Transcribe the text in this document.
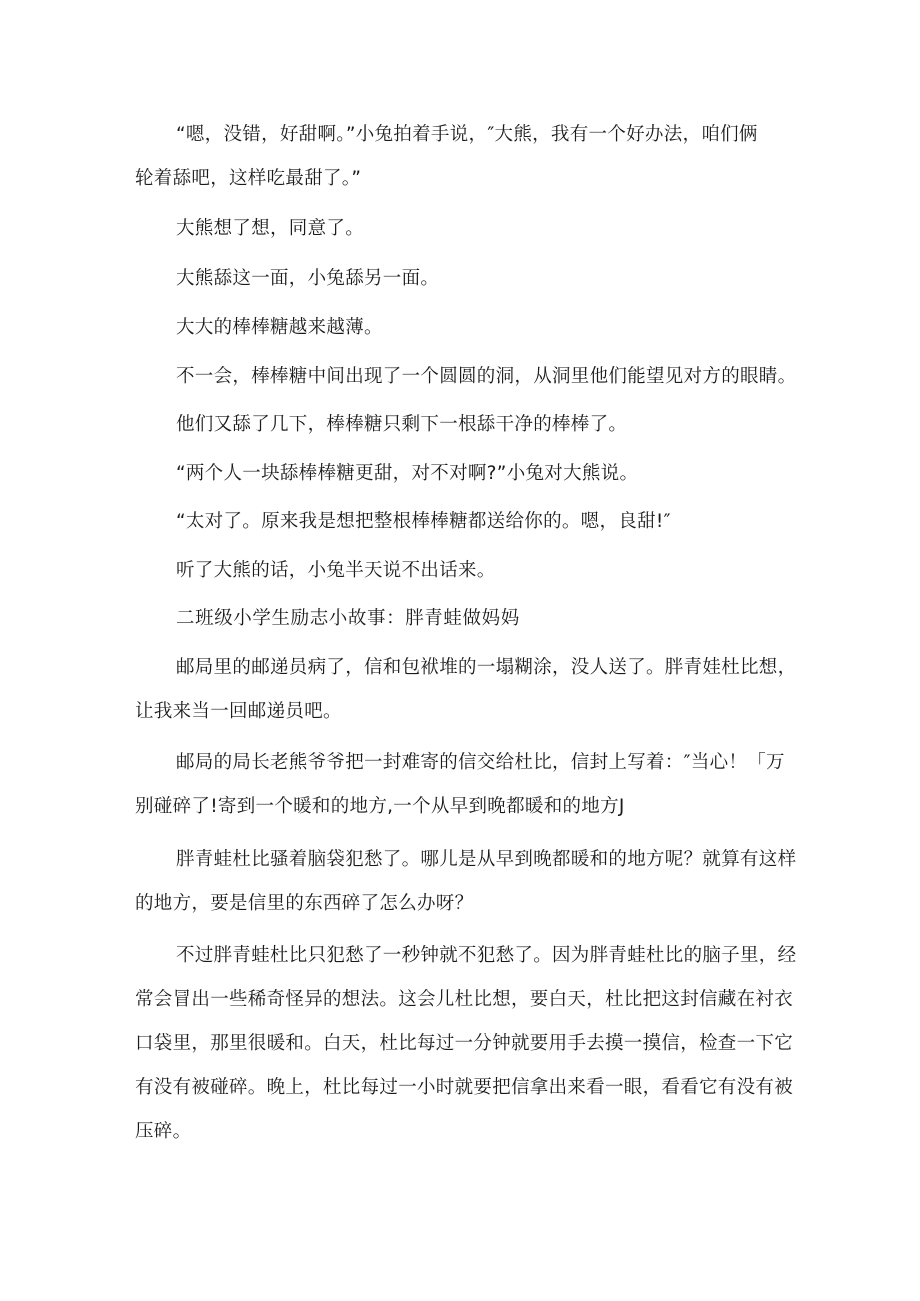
“嗯，没错，好甜啊。”小兔拍着手说，″大熊，我有一个好办法，咱们俩
轮着舔吧，这样吃最甜了。”

大熊想了想，同意了。

大熊舔这一面，小兔舔另一面。

大大的棒棒糖越来越薄。

不一会，棒棒糖中间出现了一个圆圆的洞，从洞里他们能望见对方的眼睛。

他们又舔了几下，棒棒糖只剩下一根舔干净的棒棒了。

“两个人一块舔棒棒糖更甜，对不对啊?”小兔对大熊说。

“太对了。原来我是想把整根棒棒糖都送给你的。嗯，良甜!″

听了大熊的话，小兔半天说不出话来。

二班级小学生励志小故事：胖青蛙做妈妈

邮局里的邮递员病了，信和包袱堆的一塌糊涂，没人送了。胖青娃杜比想，
让我来当一回邮递员吧。

邮局的局长老熊爷爷把一封难寄的信交给杜比，信封上写着：″当心！「万
别碰碎了!寄到一个暖和的地方,一个从早到晚都暖和的地方J

胖青蛙杜比骚着脑袋犯愁了。哪儿是从早到晚都暖和的地方呢？就算有这样
的地方，要是信里的东西碎了怎么办呀？

不过胖青蛙杜比只犯愁了一秒钟就不犯愁了。因为胖青蛙杜比的脑子里，经
常会冒出一些稀奇怪异的想法。这会儿杜比想，要白天，杜比把这封信藏在衬衣
口袋里，那里很暖和。白天，杜比每过一分钟就要用手去摸一摸信，检查一下它
有没有被碰碎。晚上，杜比每过一小时就要把信拿出来看一眼，看看它有没有被
压碎。
